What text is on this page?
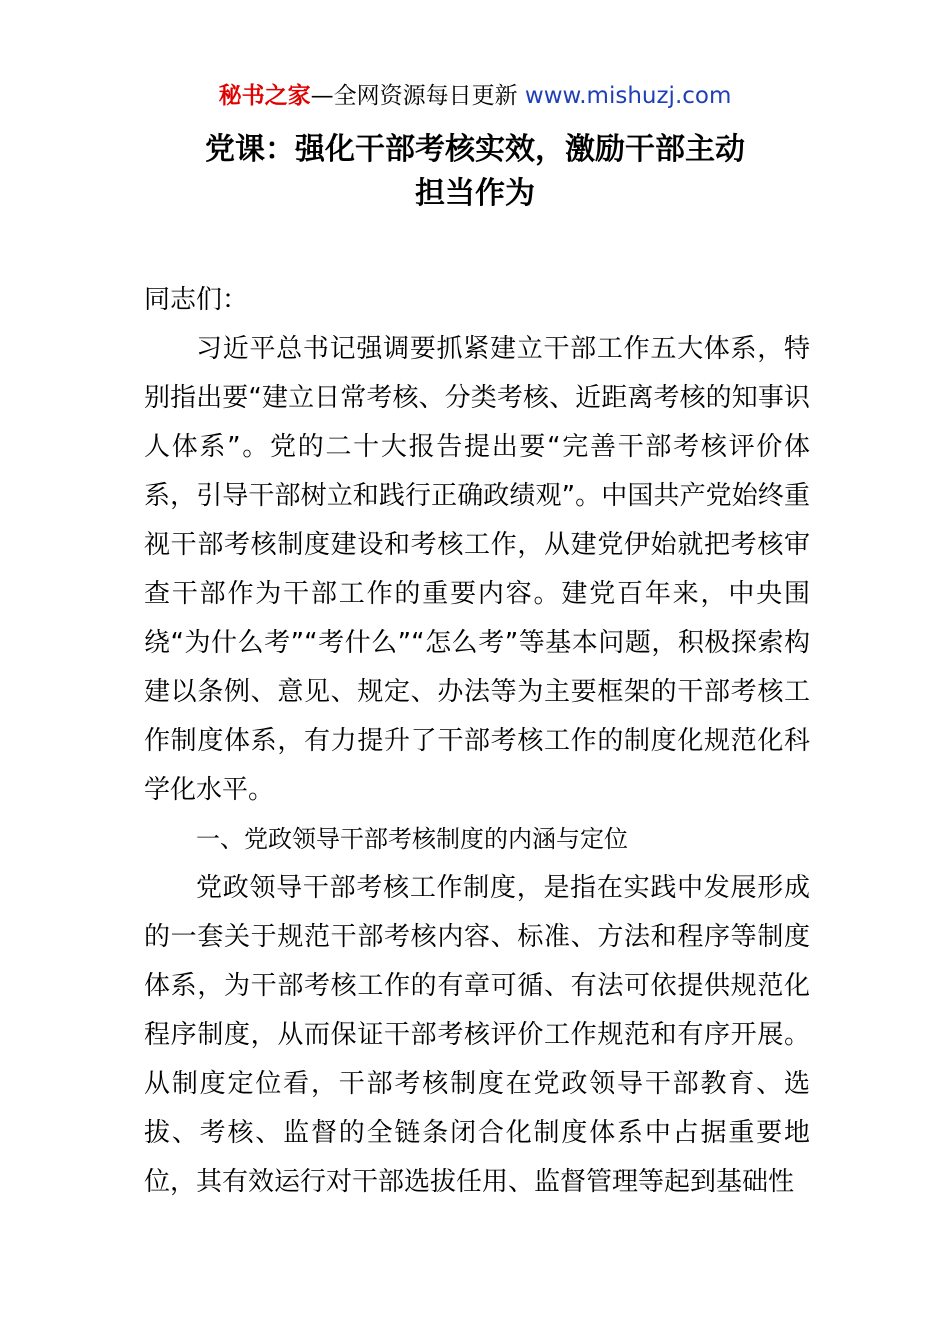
秘书之家—全网资源每日更新 www.mishuzj.com
党课：强化干部考核实效，激励干部主动
担当作为

同志们：

习近平总书记强调要抓紧建立干部工作五大体系，特别指出要“建立日常考核、分类考核、近距离考核的知事识人体系”。党的二十大报告提出要“完善干部考核评价体系，引导干部树立和践行正确政绩观”。中国共产党始终重视干部考核制度建设和考核工作，从建党伊始就把考核审查干部作为干部工作的重要内容。建党百年来，中央围绕“为什么考”“考什么”“怎么考”等基本问题，积极探索构建以条例、意见、规定、办法等为主要框架的干部考核工作制度体系，有力提升了干部考核工作的制度化规范化科学化水平。

一、党政领导干部考核制度的内涵与定位

党政领导干部考核工作制度，是指在实践中发展形成的一套关于规范干部考核内容、标准、方法和程序等制度体系，为干部考核工作的有章可循、有法可依提供规范化程序制度，从而保证干部考核评价工作规范和有序开展。从制度定位看，干部考核制度在党政领导干部教育、选拔、考核、监督的全链条闭合化制度体系中占据重要地位，其有效运行对干部选拔任用、监督管理等起到基础性
